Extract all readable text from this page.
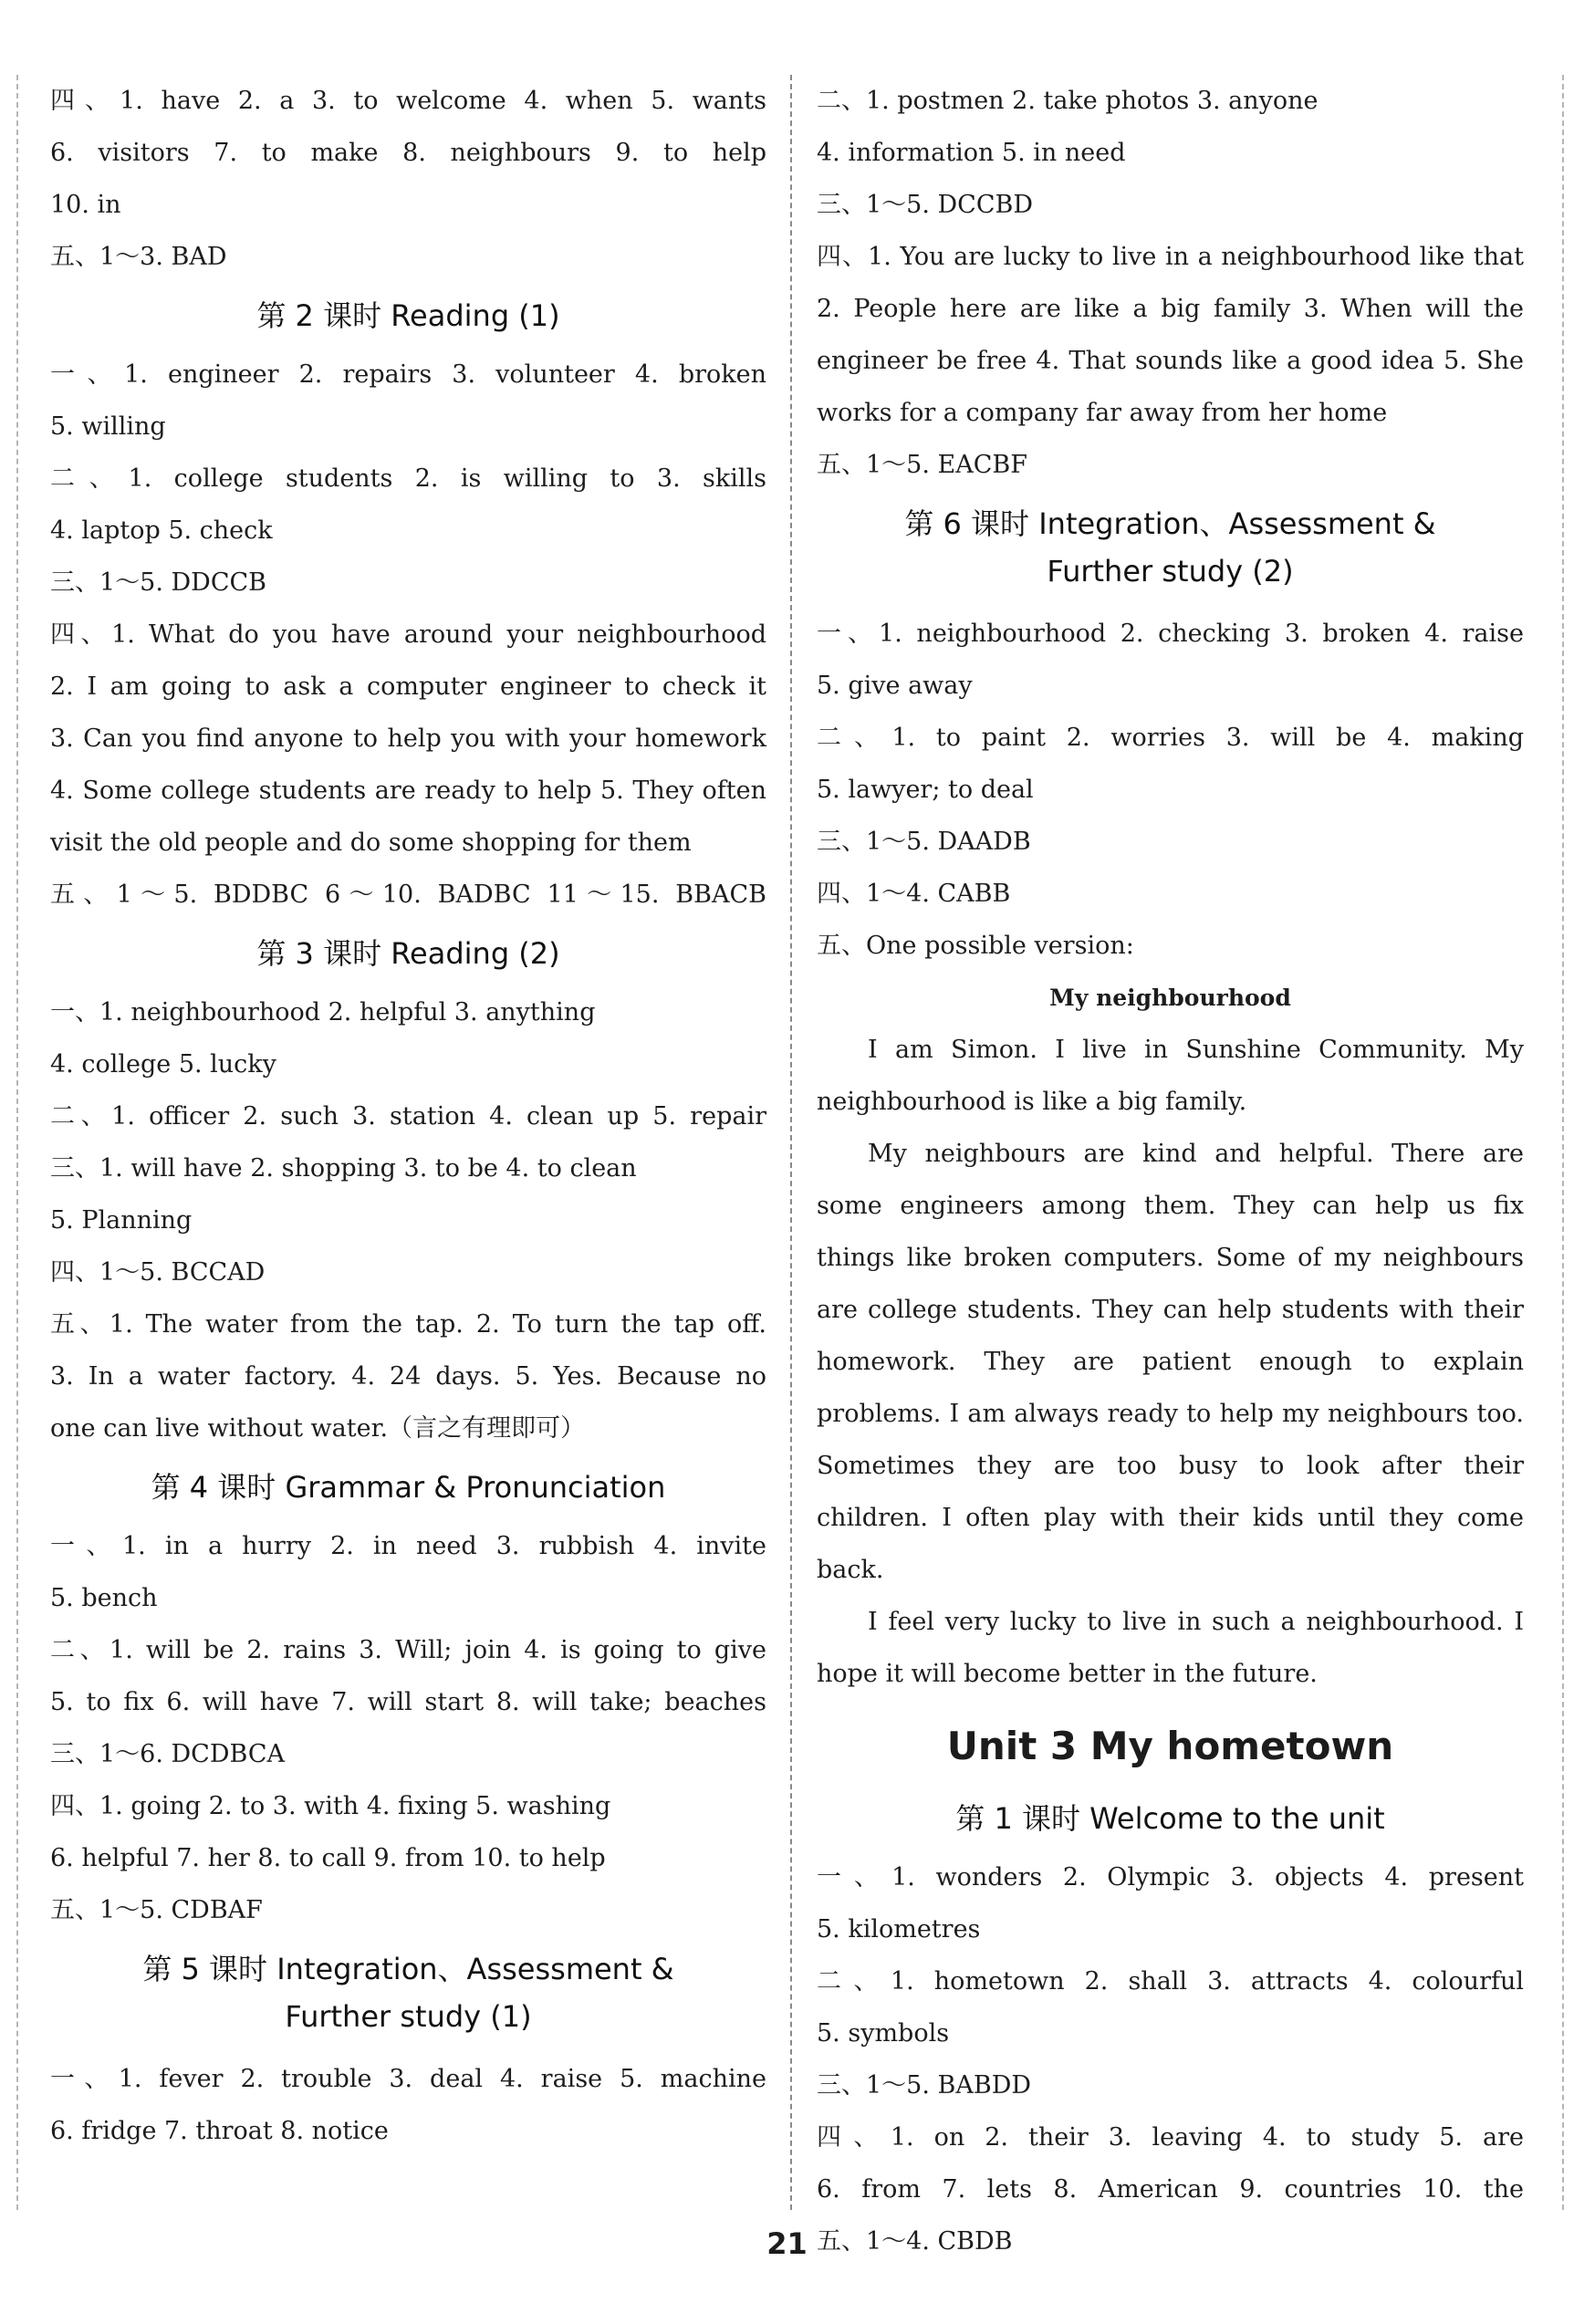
四、1. have 2. a 3. to welcome 4. when 5. wants
6. visitors 7. to make 8. neighbours 9. to help
10. in
五、1～3. BAD
第 2 课时 Reading (1)
一、1. engineer 2. repairs 3. volunteer 4. broken
5. willing
二、1. college students 2. is willing to 3. skills
4. laptop 5. check
三、1～5. DDCCB
四、1. What do you have around your neighbourhood
2. I am going to ask a computer engineer to check it
3. Can you find anyone to help you with your homework
4. Some college students are ready to help 5. They often
visit the old people and do some shopping for them
五、1～5. BDDBC 6～10. BADBC 11～15. BBACB
第 3 课时 Reading (2)
一、1. neighbourhood 2. helpful 3. anything
4. college 5. lucky
二、1. officer 2. such 3. station 4. clean up 5. repair
三、1. will have 2. shopping 3. to be 4. to clean
5. Planning
四、1～5. BCCAD
五、1. The water from the tap. 2. To turn the tap off.
3. In a water factory. 4. 24 days. 5. Yes. Because no
one can live without water.（言之有理即可）
第 4 课时 Grammar & Pronunciation
一、1. in a hurry 2. in need 3. rubbish 4. invite
5. bench
二、1. will be 2. rains 3. Will; join 4. is going to give
5. to fix 6. will have 7. will start 8. will take; beaches
三、1～6. DCDBCA
四、1. going 2. to 3. with 4. fixing 5. washing
6. helpful 7. her 8. to call 9. from 10. to help
五、1～5. CDBAF
第 5 课时 Integration、Assessment &
Further study (1)
一、1. fever 2. trouble 3. deal 4. raise 5. machine
6. fridge 7. throat 8. notice
二、1. postmen 2. take photos 3. anyone
4. information 5. in need
三、1～5. DCCBD
四、1. You are lucky to live in a neighbourhood like that
2. People here are like a big family 3. When will the
engineer be free 4. That sounds like a good idea 5. She
works for a company far away from her home
五、1～5. EACBF
第 6 课时 Integration、Assessment &
Further study (2)
一、1. neighbourhood 2. checking 3. broken 4. raise
5. give away
二、1. to paint 2. worries 3. will be 4. making
5. lawyer; to deal
三、1～5. DAADB
四、1～4. CABB
五、One possible version:
My neighbourhood
I am Simon. I live in Sunshine Community. My neighbourhood is like a big family.
My neighbours are kind and helpful. There are some engineers among them. They can help us fix things like broken computers. Some of my neighbours are college students. They can help students with their homework. They are patient enough to explain problems. I am always ready to help my neighbours too. Sometimes they are too busy to look after their children. I often play with their kids until they come back.
I feel very lucky to live in such a neighbourhood. I hope it will become better in the future.
Unit 3 My hometown
第 1 课时 Welcome to the unit
一、1. wonders 2. Olympic 3. objects 4. present
5. kilometres
二、1. hometown 2. shall 3. attracts 4. colourful
5. symbols
三、1～5. BABDD
四、1. on 2. their 3. leaving 4. to study 5. are
6. from 7. lets 8. American 9. countries 10. the
五、1～4. CBDB
21
